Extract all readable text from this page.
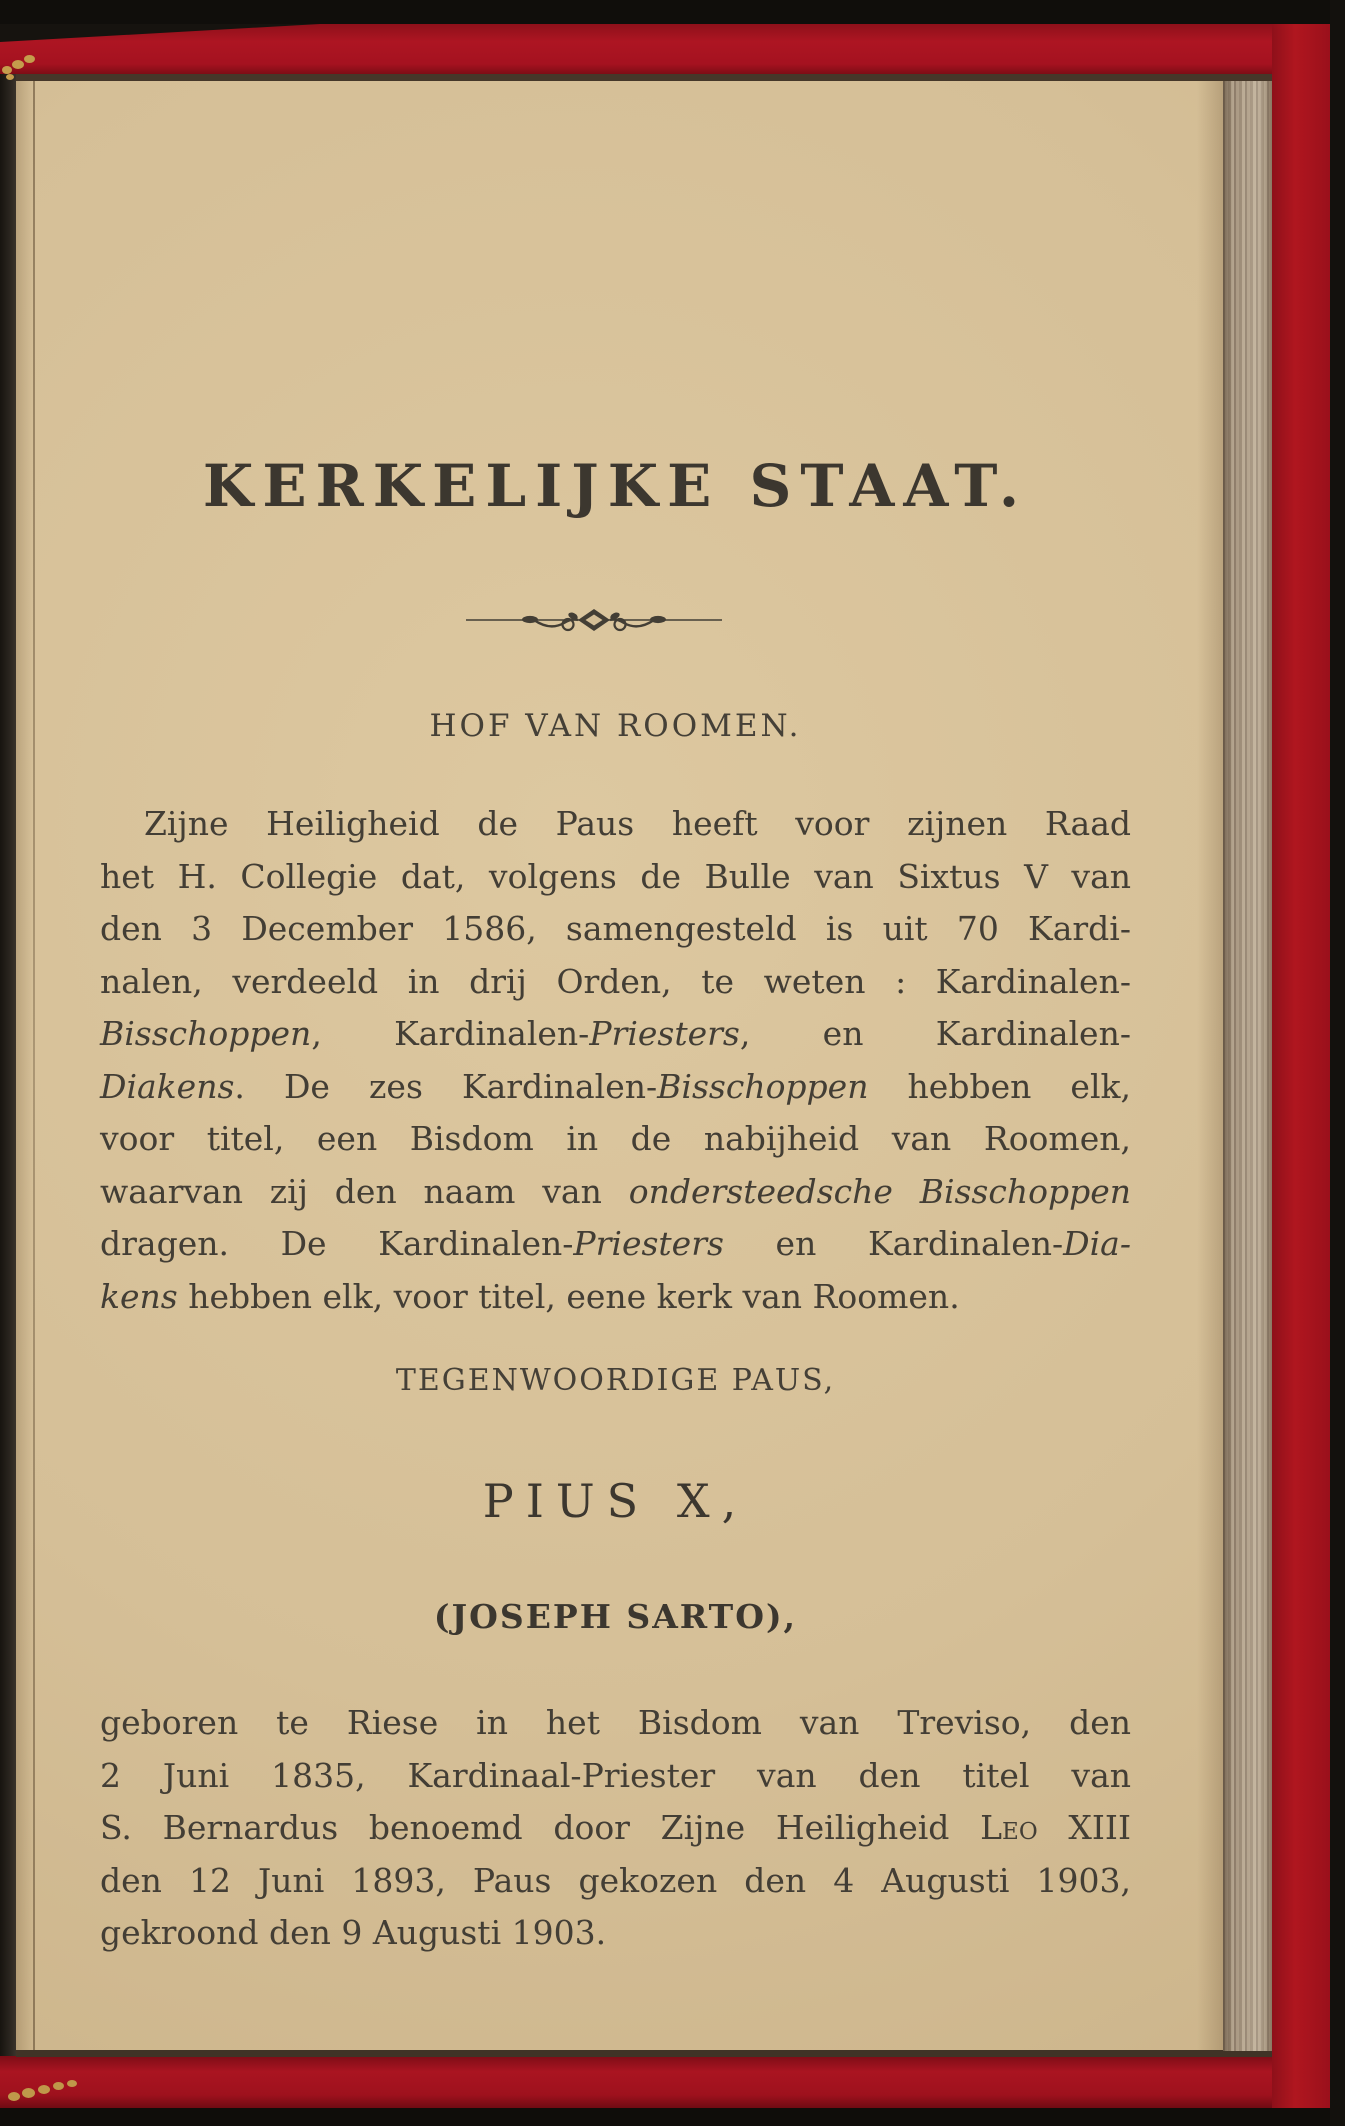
KERKELIJKE STAAT.
HOF VAN ROOMEN.
Zijne Heiligheid de Paus heeft voor zijnen Raad
het H. Collegie dat, volgens de Bulle van Sixtus V van
den 3 December 1586, samengesteld is uit 70 Kardi-
nalen, verdeeld in drij Orden, te weten : Kardinalen-
Bisschoppen, Kardinalen-Priesters, en Kardinalen-
Diakens. De zes Kardinalen-Bisschoppen hebben elk,
voor titel, een Bisdom in de nabijheid van Roomen,
waarvan zij den naam van ondersteedsche Bisschoppen
dragen. De Kardinalen-Priesters en Kardinalen-Dia-
kens hebben elk, voor titel, eene kerk van Roomen.
TEGENWOORDIGE PAUS,
PIUS X,
(JOSEPH SARTO),
geboren te Riese in het Bisdom van Treviso, den
2 Juni 1835, Kardinaal-Priester van den titel van
S. Bernardus benoemd door Zijne Heiligheid Leo XIII
den 12 Juni 1893, Paus gekozen den 4 Augusti 1903,
gekroond den 9 Augusti 1903.
